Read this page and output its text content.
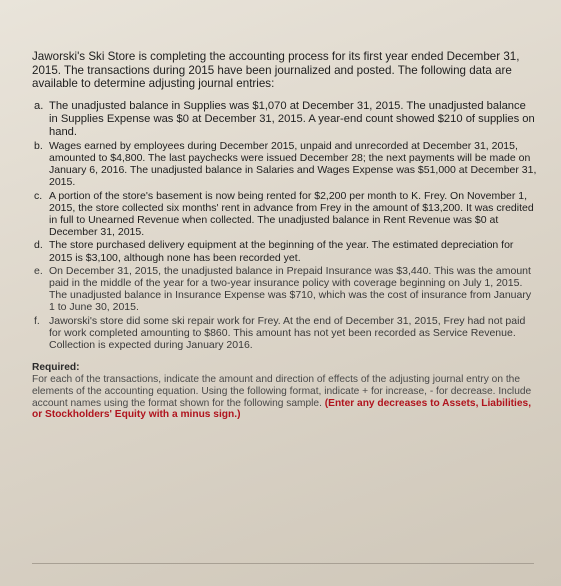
Jaworski's Ski Store is completing the accounting process for its first year ended December 31, 2015. The transactions during 2015 have been journalized and posted. The following data are available to determine adjusting journal entries:

a. The unadjusted balance in Supplies was $1,070 at December 31, 2015. The unadjusted balance in Supplies Expense was $0 at December 31, 2015. A year-end count showed $210 of supplies on hand.
b. Wages earned by employees during December 2015, unpaid and unrecorded at December 31, 2015, amounted to $4,800. The last paychecks were issued December 28; the next payments will be made on January 6, 2016. The unadjusted balance in Salaries and Wages Expense was $51,000 at December 31, 2015.
c. A portion of the store's basement is now being rented for $2,200 per month to K. Frey. On November 1, 2015, the store collected six months' rent in advance from Frey in the amount of $13,200. It was credited in full to Unearned Revenue when collected. The unadjusted balance in Rent Revenue was $0 at December 31, 2015.
d. The store purchased delivery equipment at the beginning of the year. The estimated depreciation for 2015 is $3,100, although none has been recorded yet.
e. On December 31, 2015, the unadjusted balance in Prepaid Insurance was $3,440. This was the amount paid in the middle of the year for a two-year insurance policy with coverage beginning on July 1, 2015. The unadjusted balance in Insurance Expense was $710, which was the cost of insurance from January 1 to June 30, 2015.
f. Jaworski's store did some ski repair work for Frey. At the end of December 31, 2015, Frey had not paid for work completed amounting to $860. This amount has not yet been recorded as Service Revenue. Collection is expected during January 2016.
Required:
For each of the transactions, indicate the amount and direction of effects of the adjusting journal entry on the elements of the accounting equation. Using the following format, indicate + for increase, - for decrease. Include account names using the format shown for the following sample. (Enter any decreases to Assets, Liabilities, or Stockholders' Equity with a minus sign.)
